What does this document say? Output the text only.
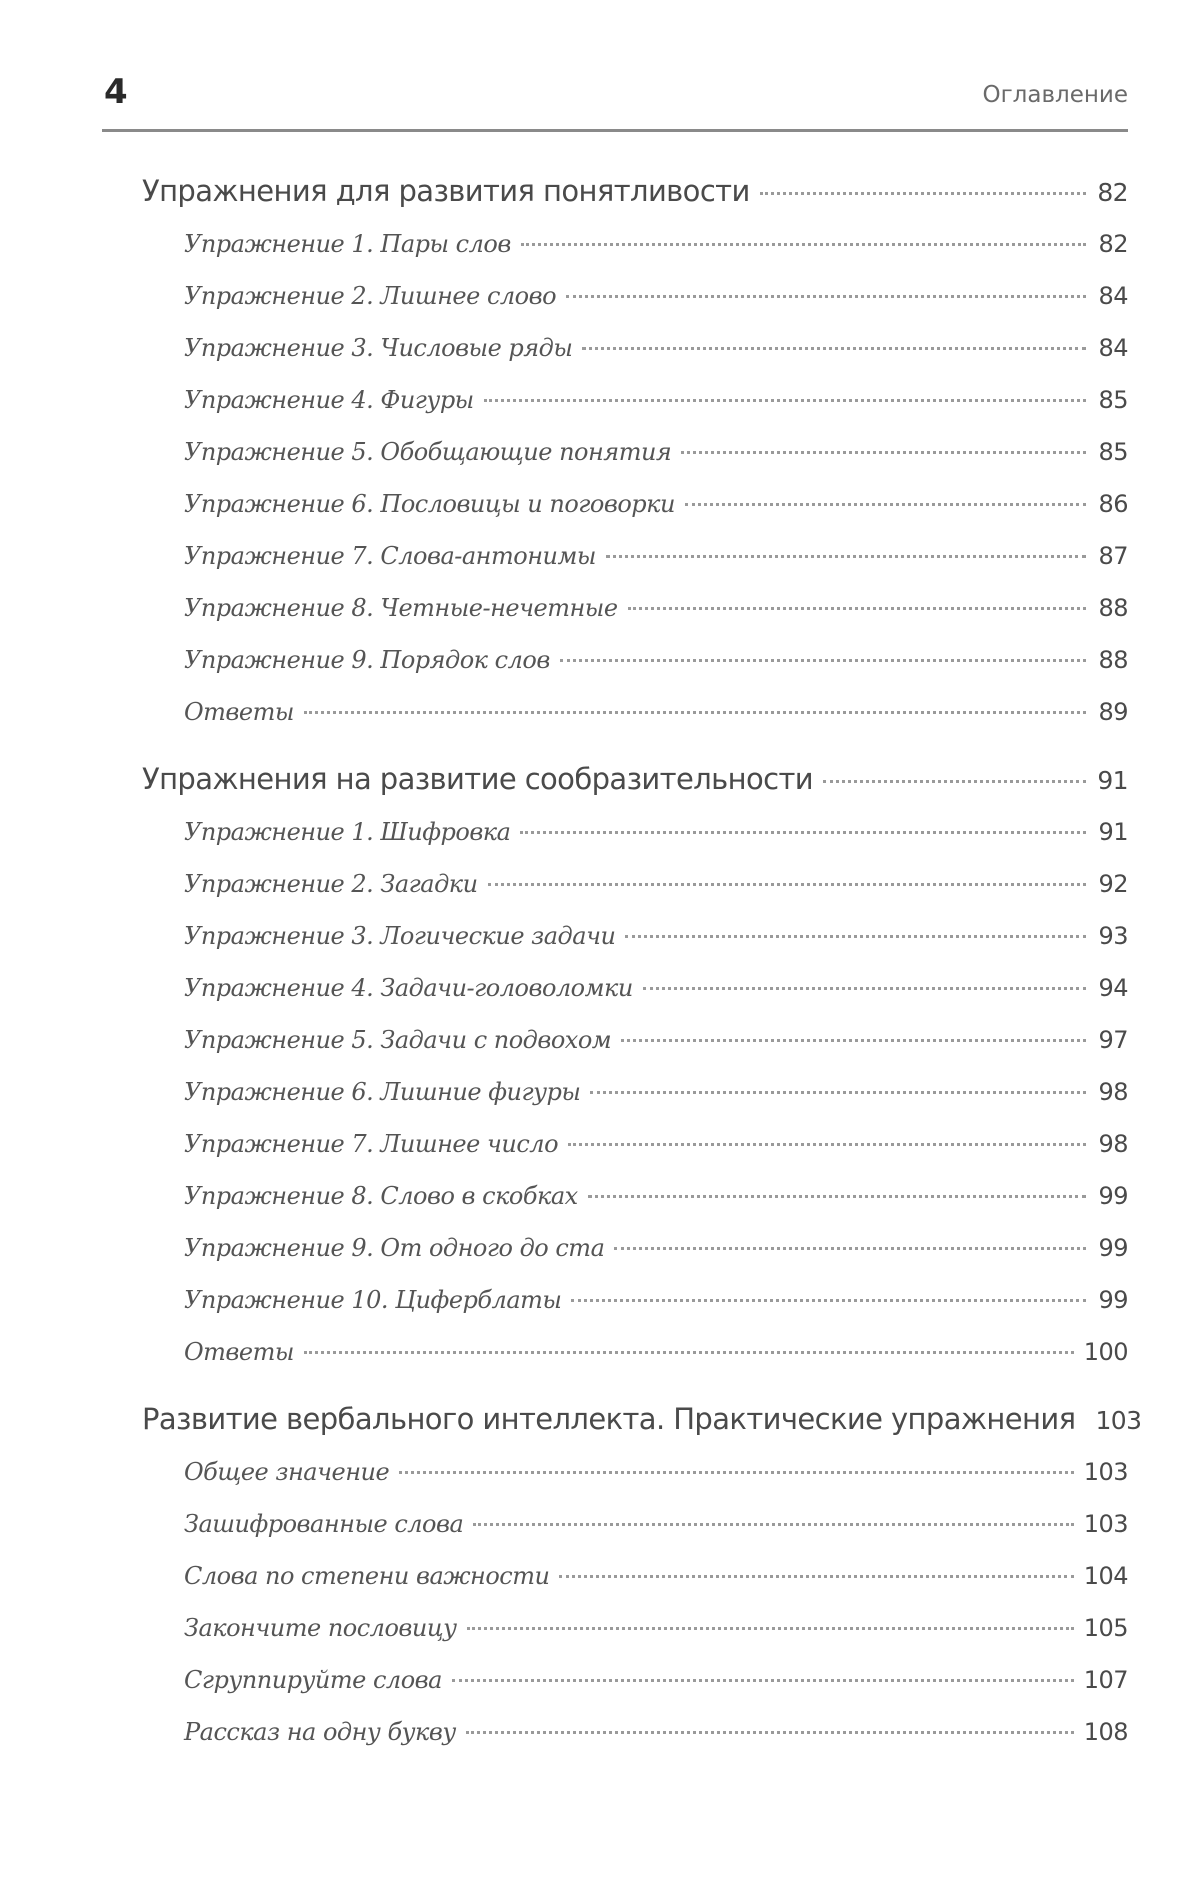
4	Оглавление
Упражнения для развития понятливости	82
Упражнение 1. Пары слов	82
Упражнение 2. Лишнее слово	84
Упражнение 3. Числовые ряды	84
Упражнение 4. Фигуры	85
Упражнение 5. Обобщающие понятия	85
Упражнение 6. Пословицы и поговорки	86
Упражнение 7. Слова-антонимы	87
Упражнение 8. Четные-нечетные	88
Упражнение 9. Порядок слов	88
Ответы	89
Упражнения на развитие сообразительности	91
Упражнение 1. Шифровка	91
Упражнение 2. Загадки	92
Упражнение 3. Логические задачи	93
Упражнение 4. Задачи-головоломки	94
Упражнение 5. Задачи с подвохом	97
Упражнение 6. Лишние фигуры	98
Упражнение 7. Лишнее число	98
Упражнение 8. Слово в скобках	99
Упражнение 9. От одного до ста	99
Упражнение 10. Циферблаты	99
Ответы	100
Развитие вербального интеллекта. Практические упражнения 103
Общее значение	103
Зашифрованные слова	103
Слова по степени важности	104
Закончите пословицу	105
Сгруппируйте слова	107
Рассказ на одну букву	108
